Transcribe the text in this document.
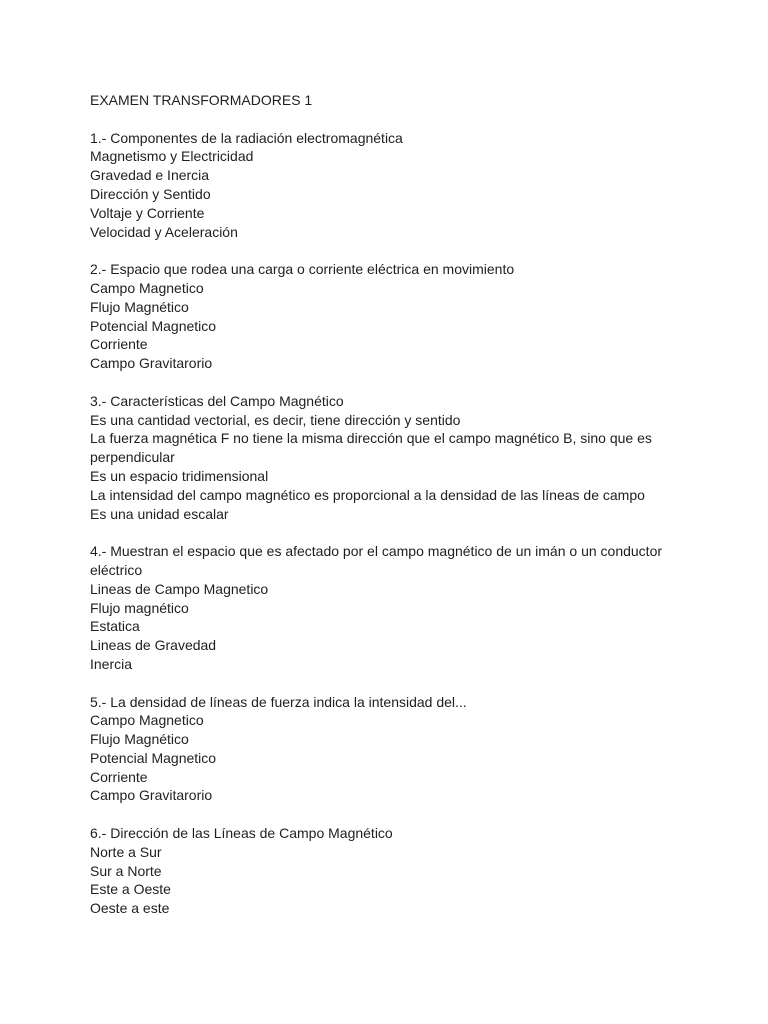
EXAMEN TRANSFORMADORES 1
1.- Componentes de la radiación electromagnética
Magnetismo y Electricidad
Gravedad e Inercia
Dirección y Sentido
Voltaje y Corriente
Velocidad y Aceleración
2.- Espacio que rodea una carga o corriente eléctrica en movimiento
Campo Magnetico
Flujo Magnético
Potencial Magnetico
Corriente
Campo Gravitarorio
3.- Características del Campo Magnético
Es una cantidad vectorial, es decir, tiene dirección y sentido
La fuerza magnética F no tiene la misma dirección que el campo magnético B, sino que es perpendicular
Es un espacio tridimensional
La intensidad del campo magnético es proporcional a la densidad de las líneas de campo
Es una unidad escalar
4.- Muestran el espacio que es afectado por el campo magnético de un imán o un conductor eléctrico
Lineas de Campo Magnetico
Flujo magnético
Estatica
Lineas de Gravedad
Inercia
5.- La densidad de líneas de fuerza indica la intensidad del...
Campo Magnetico
Flujo Magnético
Potencial Magnetico
Corriente
Campo Gravitarorio
6.- Dirección de las Líneas de Campo Magnético
Norte a Sur
Sur a Norte
Este a Oeste
Oeste a este
